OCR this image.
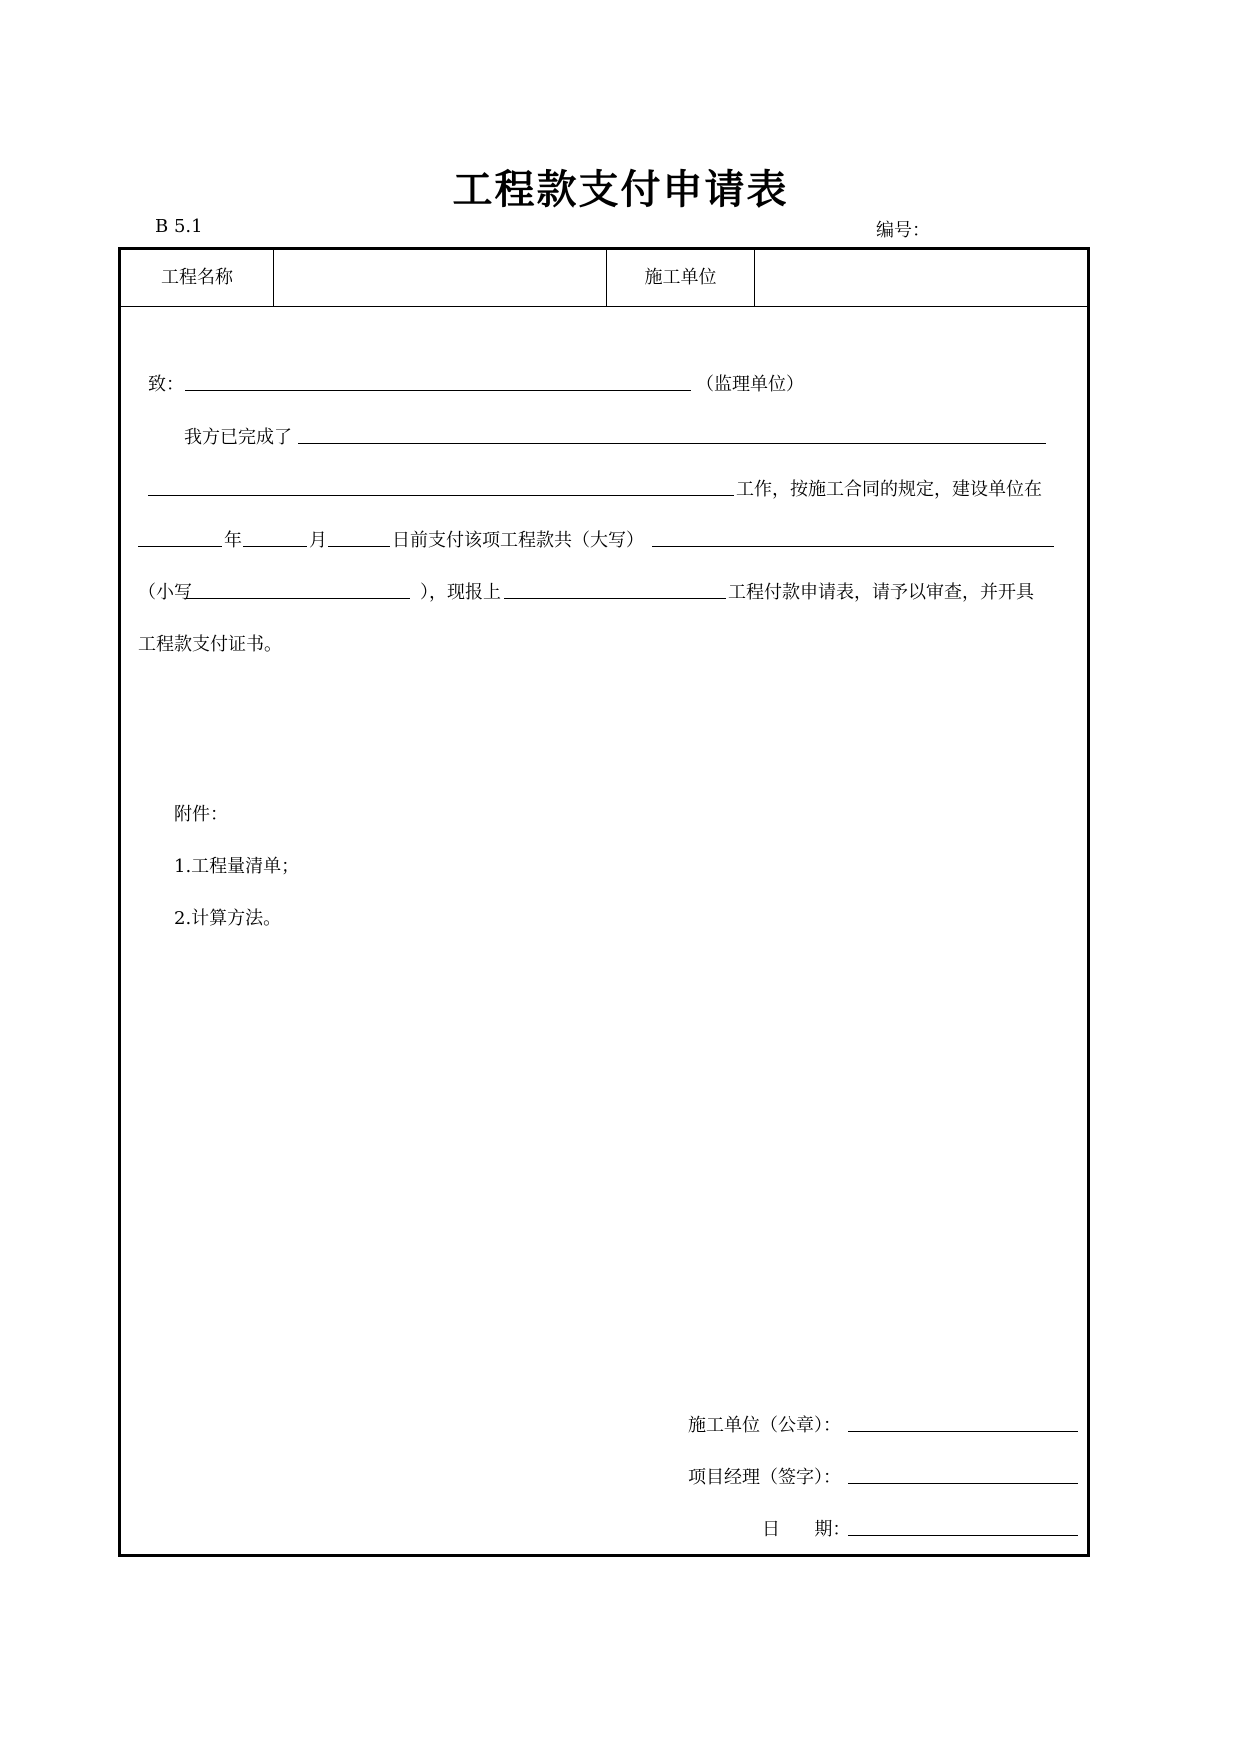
工程款支付申请表
B 5.1	编号：
工程名称	施工单位
致：	（监理单位）
我方已完成了
工作，按施工合同的规定，建设单位在
年	月	日前支付该项工程款共（大写）
（小写	），现报上	工程付款申请表，请予以审查，并开具
工程款支付证书。
附件：
1.工程量清单；
2.计算方法。
施工单位（公章）：
项目经理（签字）：
日      期：
